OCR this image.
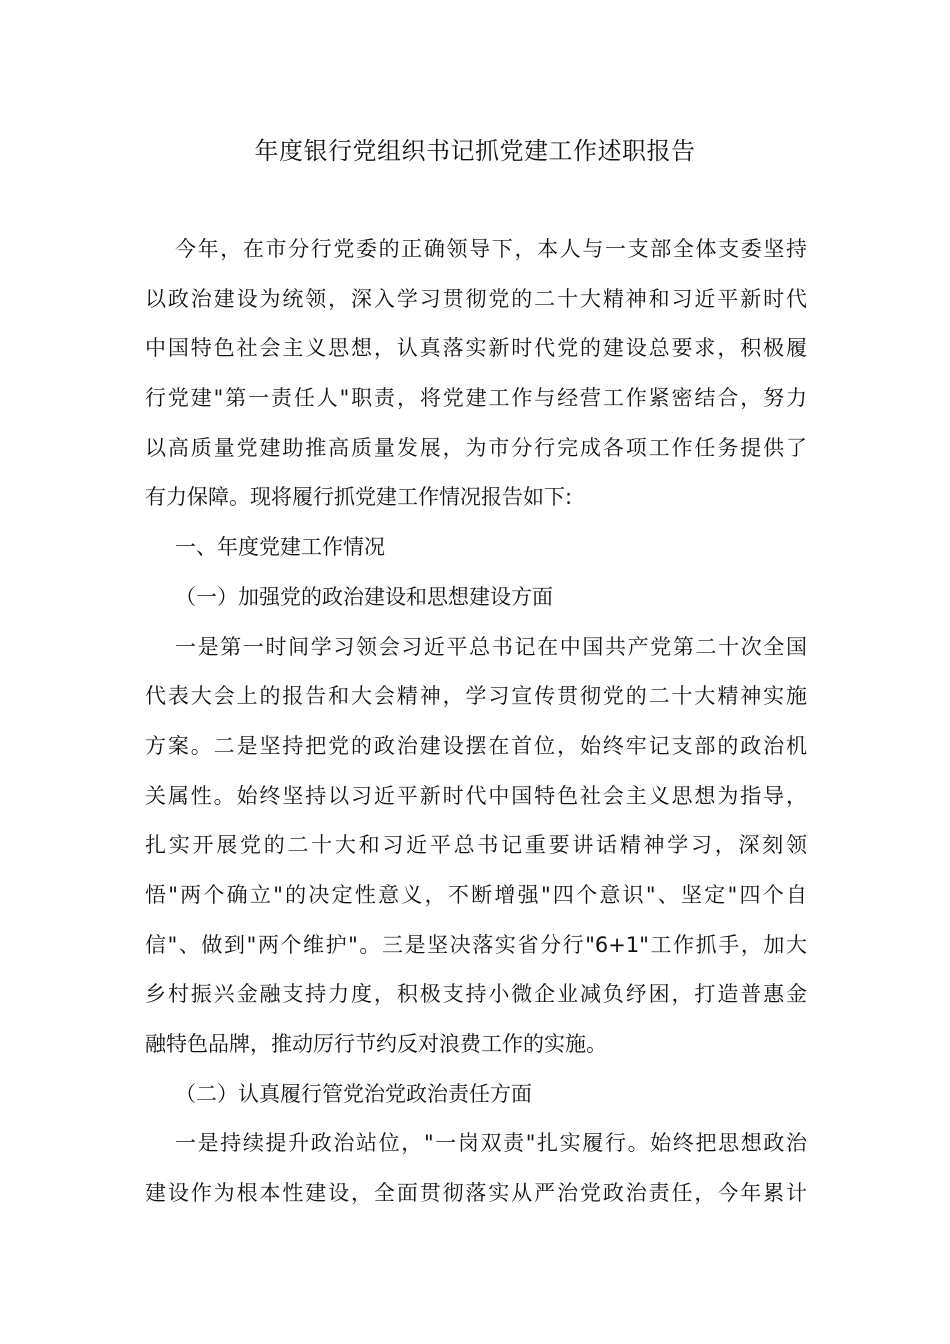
年度银行党组织书记抓党建工作述职报告
今年，在市分行党委的正确领导下，本人与一支部全体支委坚持
以政治建设为统领，深入学习贯彻党的二十大精神和习近平新时代
中国特色社会主义思想，认真落实新时代党的建设总要求，积极履
行党建"第一责任人"职责，将党建工作与经营工作紧密结合，努力
以高质量党建助推高质量发展，为市分行完成各项工作任务提供了
有力保障。现将履行抓党建工作情况报告如下:
一、年度党建工作情况
（一）加强党的政治建设和思想建设方面
一是第一时间学习领会习近平总书记在中国共产党第二十次全国
代表大会上的报告和大会精神，学习宣传贯彻党的二十大精神实施
方案。二是坚持把党的政治建设摆在首位，始终牢记支部的政治机
关属性。始终坚持以习近平新时代中国特色社会主义思想为指导，
扎实开展党的二十大和习近平总书记重要讲话精神学习，深刻领
悟"两个确立"的决定性意义，不断增强"四个意识"、坚定"四个自
信"、做到"两个维护"。三是坚决落实省分行"6+1"工作抓手，加大
乡村振兴金融支持力度，积极支持小微企业减负纾困，打造普惠金
融特色品牌，推动厉行节约反对浪费工作的实施。
（二）认真履行管党治党政治责任方面
一是持续提升政治站位，"一岗双责"扎实履行。始终把思想政治
建设作为根本性建设，全面贯彻落实从严治党政治责任，今年累计
